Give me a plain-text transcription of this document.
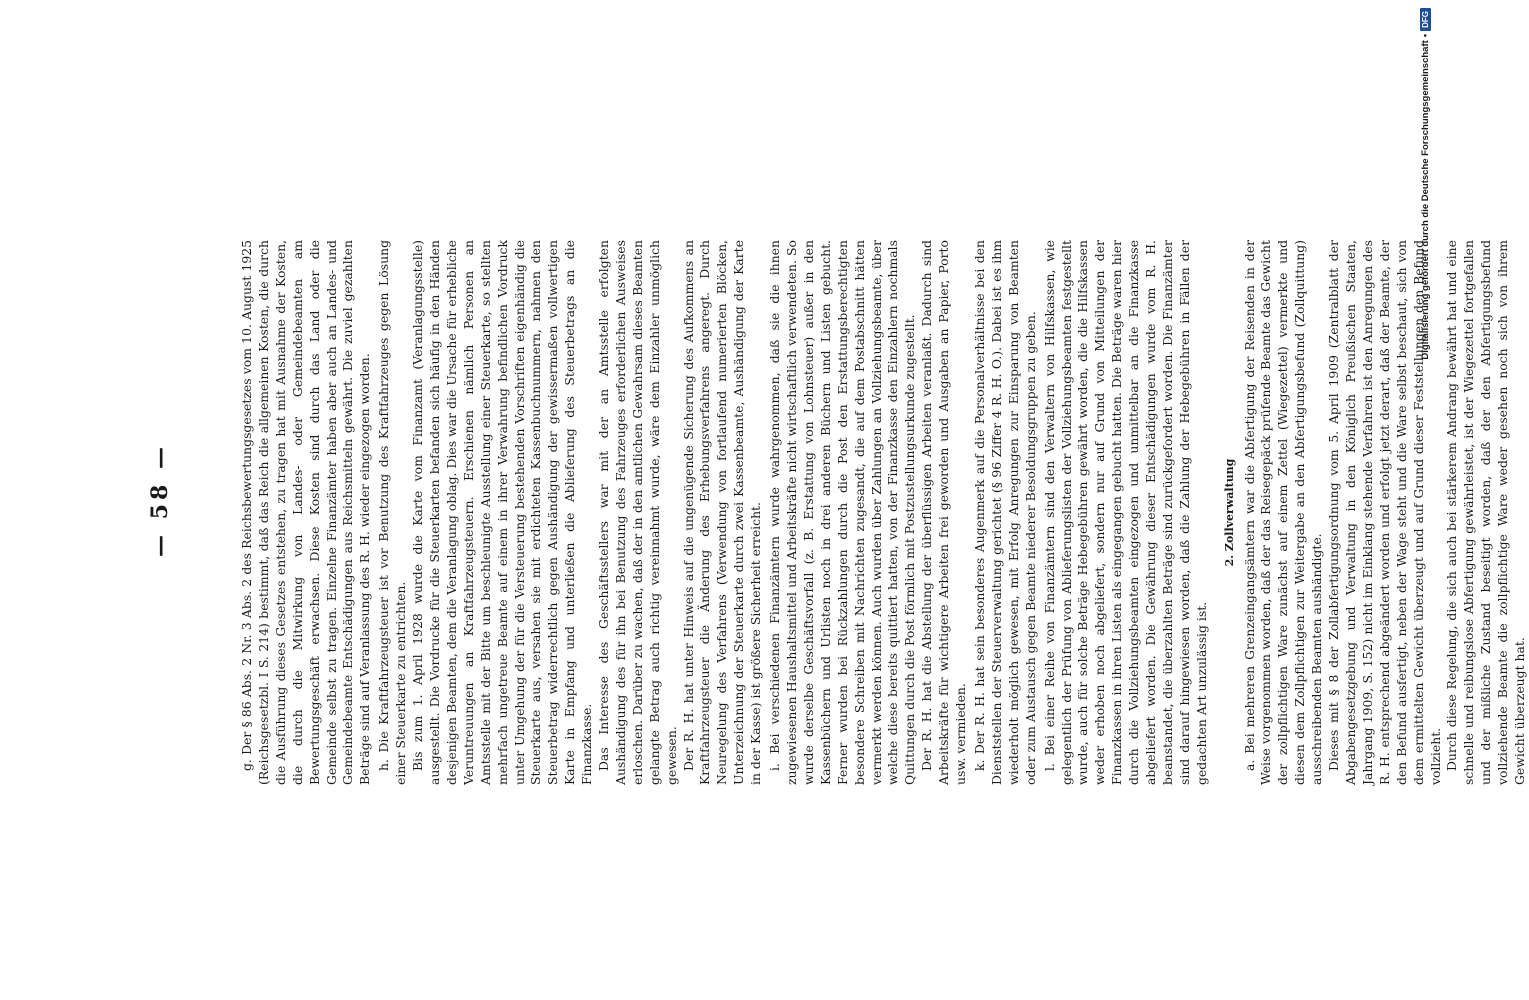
— 58 —	g. Der § 86 Abs. 2 Nr. 3 Abs. 2 des Reichsbewertungsgesetzes vom 10. August 1925 (Reichsgesetzbl. I S. 214) bestimmt, daß das Reich die allgemeinen Kosten, die durch die Ausführung dieses Gesetzes entstehen, zu tragen hat mit Ausnahme der Kosten, die durch die Mitwirkung von Landes- oder Gemeindebeamten am Bewertungsgeschäft erwachsen. Diese Kosten sind durch das Land oder die Gemeinde selbst zu tragen. Einzelne Finanzämter haben aber auch an Landes- und Gemeindebeamte Entschädigungen aus Reichsmitteln gewährt. Die zuviel gezahlten Beträge sind auf Veranlassung des R. H. wieder eingezogen worden. h. Die Kraftfahrzeugsteuer ist vor Benutzung des Kraftfahrzeuges gegen Lösung einer Steuerkarte zu entrichten. Bis zum 1. April 1928 wurde die Karte vom Finanzamt (Veranlagungsstelle) ausgestellt. Die Vordrucke für die Steuerkarten befanden sich häufig in den Händen desjenigen Beamten, dem die Veranlagung oblag. Dies war die Ursache für erhebliche Veruntreuungen an Kraftfahrzeugsteuern. Erschienen nämlich Personen an Amtsstelle mit der Bitte um beschleunigte Ausstellung einer Steuerkarte, so stellten mehrfach ungetreue Beamte auf einem in ihrer Verwahrung befindlichen Vordruck unter Umgehung der für die Versteuerung bestehenden Vorschriften eigenhändig die Steuerkarte aus, versahen sie mit erdichteten Kassenbuchnummern, nahmen den Steuerbetrag widerrechtlich gegen Aushändigung der gewissermaßen vollwertigen Karte in Empfang und unterließen die Ablieferung des Steuerbetrags an die Finanzkasse. Das Interesse des Geschäftsstellers war mit der an Amtsstelle erfolgten Aushändigung des für ihn bei Benutzung des Fahrzeuges erforderlichen Ausweises erloschen. Darüber zu wachen, daß der in den amtlichen Gewahrsam dieses Beamten gelangte Betrag auch richtig vereinnahmt wurde, wäre dem Einzahler unmöglich gewesen. Der R. H. hat unter Hinweis auf die ungenügende Sicherung des Aufkommens an Kraftfahrzeugsteuer die Änderung des Erhebungsverfahrens angeregt. Durch Neuregelung des Verfahrens (Verwendung von fortlaufend numerierten Blöcken, Unterzeichnung der Steuerkarte durch zwei Kassenbeamte, Aushändigung der Karte in der Kasse) ist größere Sicherheit erreicht. i. Bei verschiedenen Finanzämtern wurde wahrgenommen, daß sie die ihnen zugewiesenen Haushaltsmittel und Arbeitskräfte nicht wirtschaftlich verwendeten. So wurde derselbe Geschäftsvorfall (z. B. Erstattung von Lohnsteuer) außer in den Kassenbüchern und Urlisten noch in drei anderen Büchern und Listen gebucht. Ferner wurden bei Rückzahlungen durch die Post den Erstattungsberechtigten besondere Schreiben mit Nachrichten zugesandt, die auf dem Postabschnitt hätten vermerkt werden können. Auch wurden über Zahlungen an Vollziehungsbeamte, über welche diese bereits quittiert hatten, von der Finanzkasse den Einzahlern nochmals Quittungen durch die Post förmlich mit Postzustellungsurkunde zugestellt. Der R. H. hat die Abstellung der überflüssigen Arbeiten veranlaßt. Dadurch sind Arbeitskräfte für wichtigere Arbeiten frei geworden und Ausgaben an Papier, Porto usw. vermieden. k. Der R. H. hat sein besonderes Augenmerk auf die Personalverhältnisse bei den Dienststellen der Steuerverwaltung gerichtet (§ 96 Ziffer 4 R. H. O.). Dabei ist es ihm wiederholt möglich gewesen, mit Erfolg Anregungen zur Einsparung von Beamten oder zum Austausch gegen Beamte niederer Besoldungsgruppen zu geben. l. Bei einer Reihe von Finanzämtern sind den Verwaltern von Hilfskassen, wie gelegentlich der Prüfung von Ablieferungslisten der Vollziehungsbeamten festgestellt wurde, auch für solche Beträge Hebegebühren gewährt worden, die die Hilfskassen weder erhoben noch abgeliefert, sondern nur auf Grund von Mitteilungen der Finanzkassen in ihren Listen als eingegangen gebucht hatten. Die Beträge waren hier durch die Vollziehungsbeamten eingezogen und unmittelbar an die Finanzkasse abgeliefert worden. Die Gewährung dieser Entschädigungen wurde vom R. H. beanstandet, die überzahlten Beträge sind zurückgefordert worden. Die Finanzämter sind darauf hingewiesen worden, daß die Zahlung der Hebegebühren in Fällen der gedachten Art unzulässig ist.

2. Zollverwaltung a. Bei mehreren Grenzeingangsämtern war die Abfertigung der Reisenden in der Weise vorgenommen worden, daß der das Reisegepäck prüfende Beamte das Gewicht der zollpflichtigen Ware zunächst auf einem Zettel (Wiegezettel) vermerkte und diesen dem Zollpflichtigen zur Weitergabe an den Abfertigungsbefund (Zollquittung) ausschreibenden Beamten aushändigte. Dieses mit § 8 der Zollabfertigungsordnung vom 5. April 1909 (Zentralblatt der Abgabengesetzgebung und Verwaltung in den Königlich Preußischen Staaten, Jahrgang 1909, S. 152) nicht im Einklang stehende Verfahren ist den Anregungen des R. H. entsprechend abgeändert worden und erfolgt jetzt derart, daß der Beamte, der den Befund ausfertigt, neben der Wage steht und die Ware selbst beschaut, sich von dem ermittelten Gewicht überzeugt und auf Grund dieser Feststellungen den Befund vollzieht. Durch diese Regelung, die sich auch bei stärkerem Andrang bewährt hat und eine schnelle und reibungslose Abfertigung gewährleistet, ist der Wiegezettel fortgefallen und der mißliche Zustand beseitigt worden, daß der den Abfertigungsbefund vollziehende Beamte die zollpflichtige Ware weder gesehen noch sich von ihrem Gewicht überzeugt hat.

Digitalisierung gefördert durch die Deutsche Forschungsgemeinschaft
•
DFG
